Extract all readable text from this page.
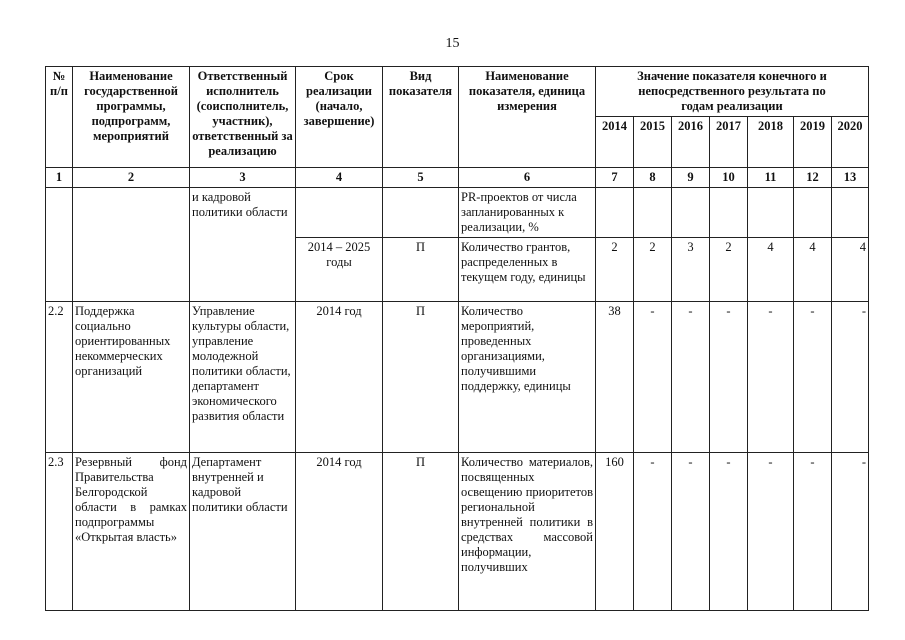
15
№
п/п	Наименование государственной программы, подпрограмм, мероприятий	Ответственный исполнитель (соисполнитель, участник), ответственный за реализацию	Срок реализации (начало, завершение)	Вид показателя	Наименование показателя, единица измерения	Значение показателя конечного и непосредственного результата по годам реализации						
						2014	2015	2016	2017	2018	2019	2020
1	2	3	4	5	6	7	8	9	10	11	12	13
		и кадровой политики области			PR-проектов от числа запланированных к реализации, %							
			2014 – 2025 годы	П	Количество грантов, распределенных в текущем году, единицы	2	2	3	2	4	4	4
2.2	Поддержка социально ориентированных некоммерческих организаций	Управление культуры области, управление молодежной политики области, департамент экономического развития области	2014 год	П	Количество мероприятий, проведенных организациями, получившими поддержку, единицы	38	-	-	-	-	-	-
2.3	Резервный фонд Правительства Белгородской области в рамках подпрограммы «Открытая власть»	Департамент внутренней и кадровой политики области	2014 год	П	Количество материалов, посвященных освещению приоритетов региональной внутренней политики в средствах массовой информации, получивших	160	-	-	-	-	-	-
